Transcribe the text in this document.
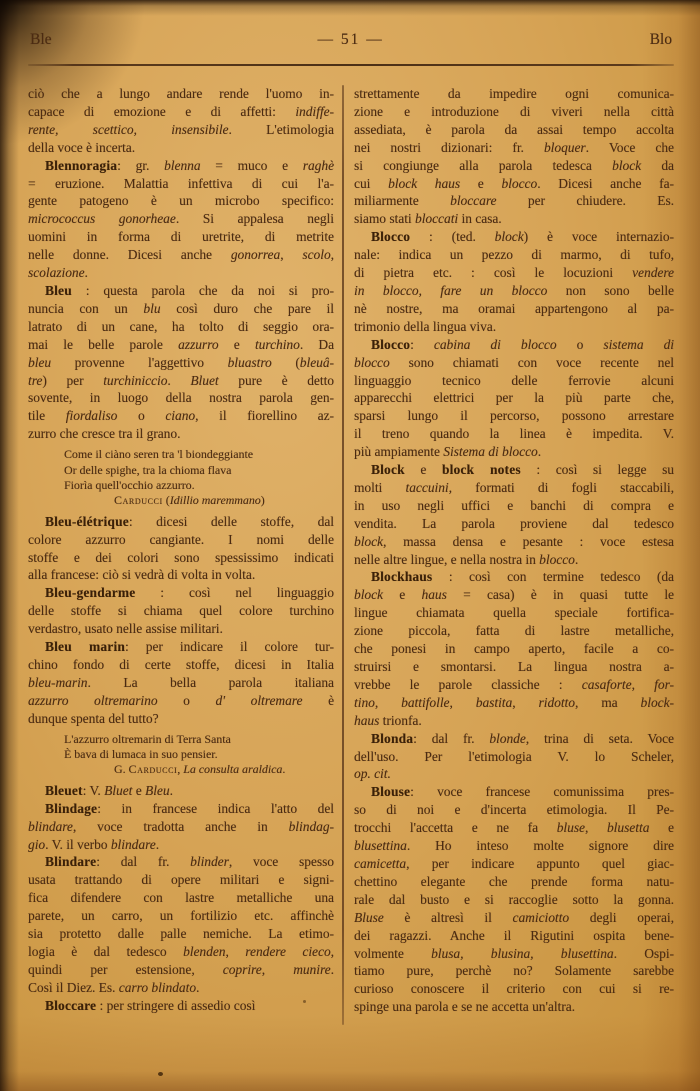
Ble	— 51 —	Blo
ciò che a lungo andare rende l'uomo in-
capace di emozione e di affetti: indiffe-
rente, scettico, insensibile. L'etimologia
della voce è incerta.
Blennoragia: gr. blenna = muco e raghè
= eruzione. Malattia infettiva di cui l'a-
gente patogeno è un microbo specifico:
micrococcus gonorheae. Si appalesa negli
uomini in forma di uretrite, di metrite
nelle donne. Dicesi anche gonorrea, scolo,
scolazione.
Bleu : questa parola che da noi si pro-
nuncia con un blu così duro che pare il
latrato di un cane, ha tolto di seggio ora-
mai le belle parole azzurro e turchino. Da
bleu provenne l'aggettivo bluastro (bleuâ-
tre) per turchiniccio. Bluet pure è detto
sovente, in luogo della nostra parola gen-
tile fiordaliso o ciano, il fiorellino az-
zurro che cresce tra il grano.
Come il ciàno seren tra 'l biondeggiante
Or delle spighe, tra la chioma flava
Fiorìa quell'occhio azzurro.
Carducci (Idillio maremmano)
Bleu-élétrique: dicesi delle stoffe, dal
colore azzurro cangiante. I nomi delle
stoffe e dei colori sono spessissimo indicati
alla francese: ciò si vedrà di volta in volta.
Bleu-gendarme : così nel linguaggio
delle stoffe si chiama quel colore turchino
verdastro, usato nelle assise militari.
Bleu marin: per indicare il colore tur-
chino fondo di certe stoffe, dicesi in Italia
bleu-marin. La bella parola italiana
azzurro oltremarino o d' oltremare è
dunque spenta del tutto?
L'azzurro oltremarin di Terra Santa
È bava di lumaca in suo pensier.
G. Carducci, La consulta araldica.
Bleuet: V. Bluet e Bleu.
Blindage: in francese indica l'atto del
blindare, voce tradotta anche in blindag-
gio. V. il verbo blindare.
Blindare: dal fr. blinder, voce spesso
usata trattando di opere militari e signi-
fica difendere con lastre metalliche una
parete, un carro, un fortilizio etc. affinchè
sia protetto dalle palle nemiche. La etimo-
logia è dal tedesco blenden, rendere cieco,
quindi per estensione, coprire, munire.
Così il Diez. Es. carro blindato.
Bloccare : per stringere di assedio così
strettamente da impedire ogni comunica-
zione e introduzione di viveri nella città
assediata, è parola da assai tempo accolta
nei nostri dizionari: fr. bloquer. Voce che
si congiunge alla parola tedesca block da
cui block haus e blocco. Dicesi anche fa-
miliarmente bloccare per chiudere. Es.
siamo stati bloccati in casa.
Blocco : (ted. block) è voce internazio-
nale: indica un pezzo di marmo, di tufo,
di pietra etc. : così le locuzioni vendere
in blocco, fare un blocco non sono belle
nè nostre, ma oramai appartengono al pa-
trimonio della lingua viva.
Blocco: cabina di blocco o sistema di
blocco sono chiamati con voce recente nel
linguaggio tecnico delle ferrovie alcuni
apparecchi elettrici per la più parte che,
sparsi lungo il percorso, possono arrestare
il treno quando la linea è impedita. V.
più ampiamente Sistema di blocco.
Block e block notes : così si legge su
molti taccuini, formati di fogli staccabili,
in uso negli uffici e banchi di compra e
vendita. La parola proviene dal tedesco
block, massa densa e pesante : voce estesa
nelle altre lingue, e nella nostra in blocco.
Blockhaus : così con termine tedesco (da
block e haus = casa) è in quasi tutte le
lingue chiamata quella speciale fortifica-
zione piccola, fatta di lastre metalliche,
che ponesi in campo aperto, facile a co-
struirsi e smontarsi. La lingua nostra a-
vrebbe le parole classiche : casaforte, for-
tino, battifolle, bastita, ridotto, ma block-
haus trionfa.
Blonda: dal fr. blonde, trina di seta. Voce
dell'uso. Per l'etimologia V. lo Scheler,
op. cit.
Blouse: voce francese comunissima pres-
so di noi e d'incerta etimologia. Il Pe-
trocchi l'accetta e ne fa bluse, blusetta e
blusettina. Ho inteso molte signore dire
camicetta, per indicare appunto quel giac-
chettino elegante che prende forma natu-
rale dal busto e si raccoglie sotto la gonna.
Bluse è altresì il camiciotto degli operai,
dei ragazzi. Anche il Rigutini ospita bene-
volmente blusa, blusina, blusettina. Ospi-
tiamo pure, perchè no? Solamente sarebbe
curioso conoscere il criterio con cui si re-
spinge una parola e se ne accetta un'altra.
